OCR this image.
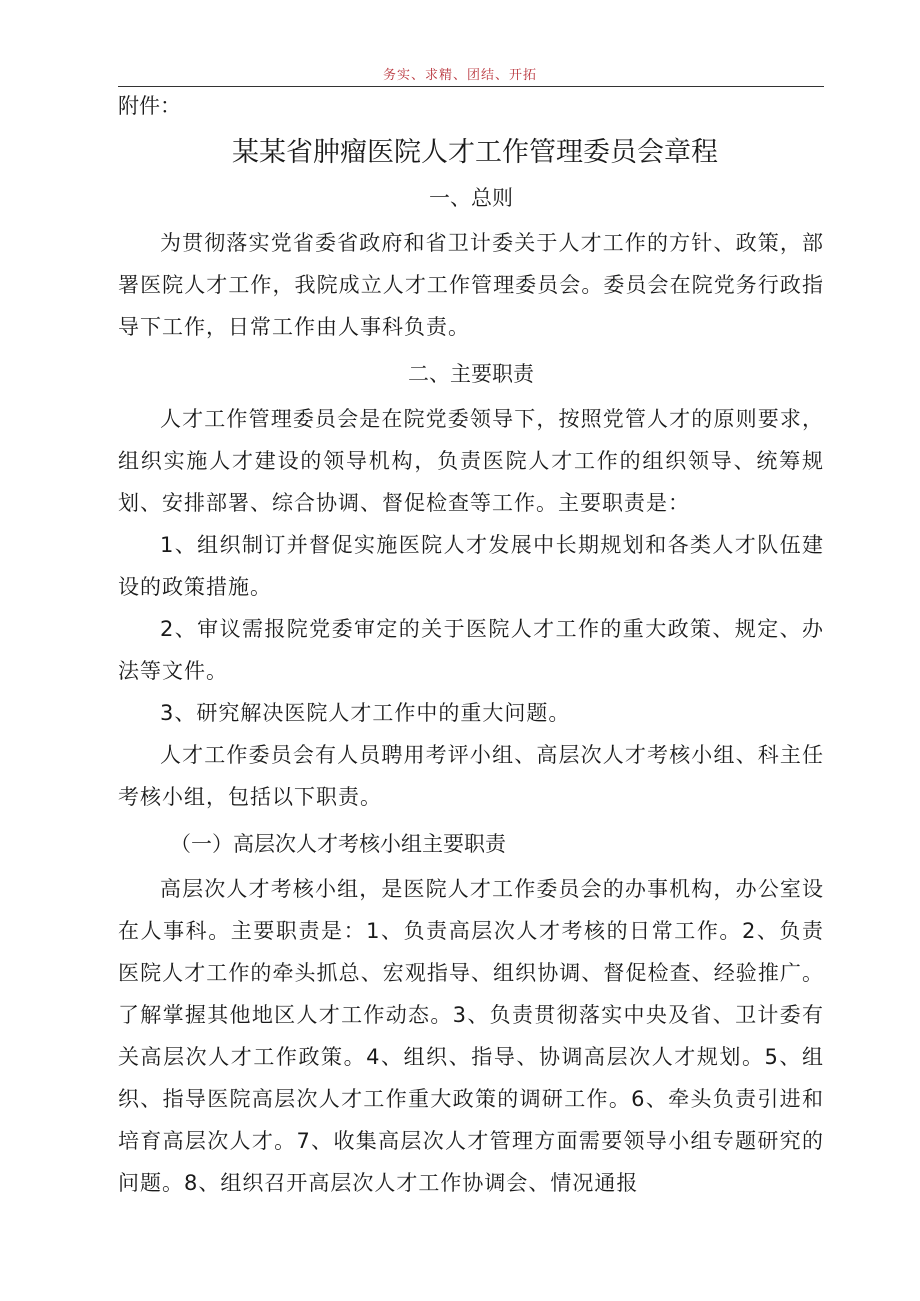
务实、求精、团结、开拓
附件：
某某省肿瘤医院人才工作管理委员会章程
一、总则

为贯彻落实党省委省政府和省卫计委关于人才工作的方针、政策，部署医院人才工作，我院成立人才工作管理委员会。委员会在院党务行政指导下工作，日常工作由人事科负责。

二、主要职责

人才工作管理委员会是在院党委领导下，按照党管人才的原则要求，组织实施人才建设的领导机构，负责医院人才工作的组织领导、统筹规划、安排部署、综合协调、督促检查等工作。主要职责是：

1、组织制订并督促实施医院人才发展中长期规划和各类人才队伍建设的政策措施。

2、审议需报院党委审定的关于医院人才工作的重大政策、规定、办法等文件。

3、研究解决医院人才工作中的重大问题。

人才工作委员会有人员聘用考评小组、高层次人才考核小组、科主任考核小组，包括以下职责。

（一）高层次人才考核小组主要职责

高层次人才考核小组，是医院人才工作委员会的办事机构，办公室设在人事科。主要职责是：1、负责高层次人才考核的日常工作。2、负责医院人才工作的牵头抓总、宏观指导、组织协调、督促检查、经验推广。了解掌握其他地区人才工作动态。3、负责贯彻落实中央及省、卫计委有关高层次人才工作政策。4、组织、指导、协调高层次人才规划。5、组织、指导医院高层次人才工作重大政策的调研工作。6、牵头负责引进和培育高层次人才。7、收集高层次人才管理方面需要领导小组专题研究的问题。8、组织召开高层次人才工作协调会、情况通报
